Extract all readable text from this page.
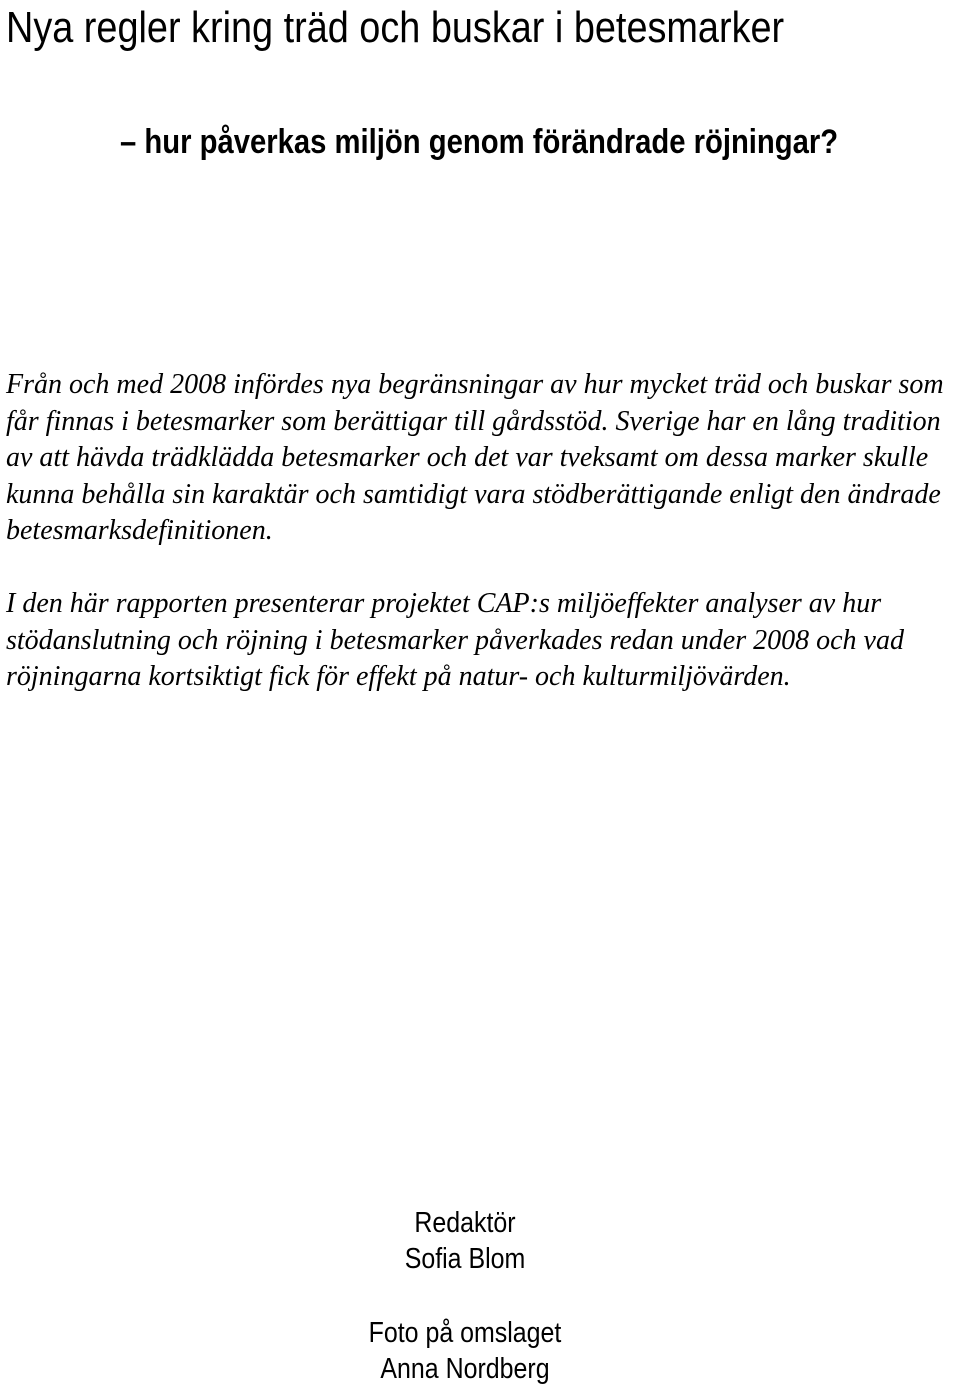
Nya regler kring träd och buskar i betesmarker
– hur påverkas miljön genom förändrade röjningar?

Från och med 2008 infördes nya begränsningar av hur mycket träd och buskar som får finnas i betesmarker som berättigar till gårdsstöd. Sverige har en lång tradition av att hävda trädklädda betesmarker och det var tveksamt om dessa marker skulle kunna behålla sin karaktär och samtidigt vara stödberättigande enligt den ändrade betesmarksdefinitionen.

I den här rapporten presenterar projektet CAP:s miljöeffekter analyser av hur stödanslutning och röjning i betesmarker påverkades redan under 2008 och vad röjningarna kortsiktigt fick för effekt på natur- och kulturmiljövärden.

Redaktör
Sofia Blom
Foto på omslaget
Anna Nordberg
